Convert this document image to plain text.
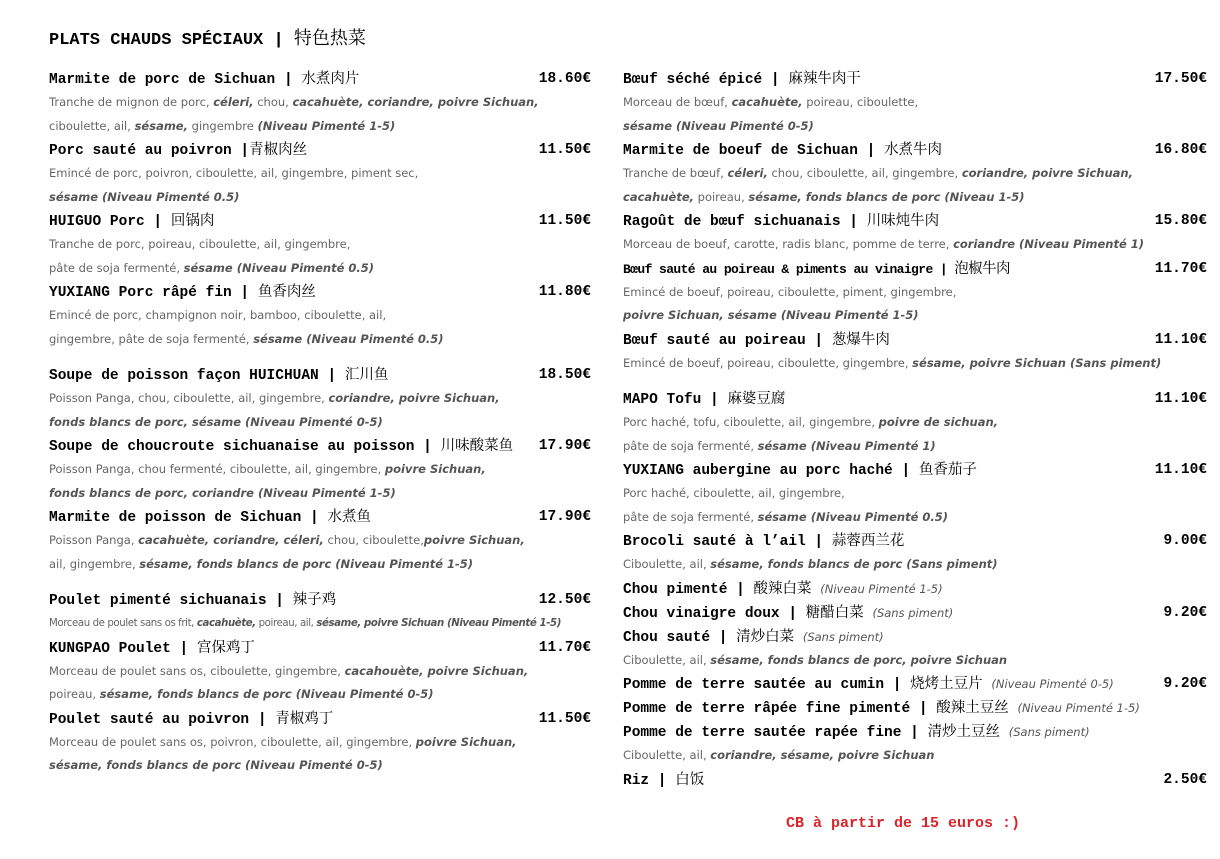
PLATS CHAUDS SPÉCIAUX | 特色热菜
Marmite de porc de Sichuan | 水煮肉片	18.60€
Tranche de mignon de porc, céleri, chou, cacahuète, coriandre, poivre Sichuan,
ciboulette, ail, sésame, gingembre (Niveau Pimenté 1-5)
Porc sauté au poivron |青椒肉丝	11.50€
Emincé de porc, poivron, ciboulette, ail, gingembre, piment sec,
sésame (Niveau Pimenté 0.5)
HUIGUO Porc | 回锅肉	11.50€
Tranche de porc, poireau, ciboulette, ail, gingembre,
pâte de soja fermenté, sésame (Niveau Pimenté 0.5)
YUXIANG Porc râpé fin | 鱼香肉丝	11.80€
Emincé de porc, champignon noir, bamboo, ciboulette, ail,
gingembre, pâte de soja fermenté, sésame (Niveau Pimenté 0.5)
Soupe de poisson façon HUICHUAN | 汇川鱼	18.50€
Poisson Panga, chou, ciboulette, ail, gingembre, coriandre, poivre Sichuan,
fonds blancs de porc, sésame (Niveau Pimenté 0-5)
Soupe de choucroute sichuanaise au poisson | 川味酸菜鱼	17.90€
Poisson Panga, chou fermenté, ciboulette, ail, gingembre, poivre Sichuan,
fonds blancs de porc, coriandre (Niveau Pimenté 1-5)
Marmite de poisson de Sichuan | 水煮鱼	17.90€
Poisson Panga, cacahuète, coriandre, céleri, chou, ciboulette,poivre Sichuan,
ail, gingembre, sésame, fonds blancs de porc (Niveau Pimenté 1-5)
Poulet pimenté sichuanais | 辣子鸡	12.50€
Morceau de poulet sans os frit, cacahuète, poireau, ail, sésame, poivre Sichuan (Niveau Pimenté 1-5)
KUNGPAO Poulet | 宫保鸡丁	11.70€
Morceau de poulet sans os, ciboulette, gingembre, cacahouète, poivre Sichuan,
poireau, sésame, fonds blancs de porc (Niveau Pimenté 0-5)
Poulet sauté au poivron | 青椒鸡丁	11.50€
Morceau de poulet sans os, poivron, ciboulette, ail, gingembre, poivre Sichuan,
sésame, fonds blancs de porc (Niveau Pimenté 0-5)
Bœuf séché épicé | 麻辣牛肉干	17.50€
Morceau de bœuf, cacahuète, poireau, ciboulette,
sésame (Niveau Pimenté 0-5)
Marmite de boeuf de Sichuan | 水煮牛肉	16.80€
Tranche de bœuf, céleri, chou, ciboulette, ail, gingembre, coriandre, poivre Sichuan,
cacahuète, poireau, sésame, fonds blancs de porc (Niveau 1-5)
Ragoût de bœuf sichuanais | 川味炖牛肉	15.80€
Morceau de boeuf, carotte, radis blanc, pomme de terre, coriandre (Niveau Pimenté 1)
Bœuf sauté au poireau & piments au vinaigre | 泡椒牛肉	11.70€
Emincé de boeuf, poireau, ciboulette, piment, gingembre,
poivre Sichuan, sésame (Niveau Pimenté 1-5)
Bœuf sauté au poireau | 葱爆牛肉	11.10€
Emincé de boeuf, poireau, ciboulette, gingembre, sésame, poivre Sichuan (Sans piment)
MAPO Tofu | 麻婆豆腐	11.10€
Porc haché, tofu, ciboulette, ail, gingembre, poivre de sichuan,
pâte de soja fermenté, sésame (Niveau Pimenté 1)
YUXIANG aubergine au porc haché | 鱼香茄子	11.10€
Porc haché, ciboulette, ail, gingembre,
pâte de soja fermenté, sésame (Niveau Pimenté 0.5)
Brocoli sauté à l’ail | 蒜蓉西兰花	9.00€
Ciboulette, ail, sésame, fonds blancs de porc (Sans piment)
Chou pimenté | 酸辣白菜 (Niveau Pimenté 1-5)
Chou vinaigre doux | 糖醋白菜 (Sans piment)	9.20€
Chou sauté | 清炒白菜 (Sans piment)
Ciboulette, ail, sésame, fonds blancs de porc, poivre Sichuan
Pomme de terre sautée au cumin | 烧烤土豆片 (Niveau Pimenté 0-5)	9.20€
Pomme de terre râpée fine pimenté | 酸辣土豆丝 (Niveau Pimenté 1-5)
Pomme de terre sautée rapée fine | 清炒土豆丝 (Sans piment)
Ciboulette, ail, coriandre, sésame, poivre Sichuan
Riz | 白饭	2.50€
CB à partir de 15 euros :)
